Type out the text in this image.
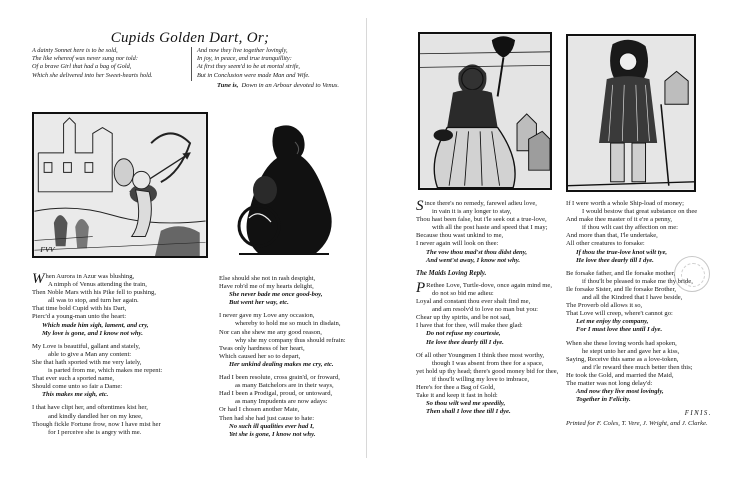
Cupids Golden Dart, Or;
A dainty Sonnet here is to be sold,
The like whereof was never sung nor told:
Of a brave Girl that had a bag of Gold,
Which she delivered into her Sweet-hearts hold.
And now they live together lovingly,
In joy, in peace, and true tranquillity:
At first they seem'd to be at mortal strife,
But in Conclusion were made Man and Wife.
Tune is, Down in an Arbour devoted to Venus.
FVV
W hen Aurora in Azur was blushing,
A nimph of Venus attending the train,
Then Noble Mars with his Pike fell to pushing,
all was to stop, and turn her again.
That time bold Cupid with his Dart,
Pierc'd a young-man unto the heart:
Which made him sigh, lament, and cry,
My love is gone, and I know not why.
My Love is beautiful, gallant and stately,
able to give a Man any content:
She that hath sported with me very lately,
is parted from me, which makes me repent:
That ever such a sported name,
Should come unto so fair a Dame:
This makes me sigh, etc.
I that have clipt her, and oftentimes kist her,
and kindly dandled her on my knee,
Though fickle Fortune frow, now I have mist her
for I perceive she is angry with me.
Else should she not in rash despight,
Have rob'd me of my hearts delight,
She never bade me once good-boy,
But went her way, etc.
I never gave my Love any occasion,
whereby to hold me so much in disdain,
Nor can she shew me any good reason,
why she my company thus should refrain:
Twas only hardness of her heart,
Which caused her so to depart,
Her unkind dealing makes me cry, etc.
Had I been resolute, cross grain'd, or froward,
as many Batchelors are in their ways,
Had I been a Prodigal, proud, or untoward,
as many Impudents are now adays:
Or had I chosen another Mate,
Then had she had just cause to hate:
No such ill qualities ever had I,
Yet she is gone, I know not why.
S ince there's no remedy, farewel adieu love,
in vain it is any longer to stay,
Thou hast been false, but i'le seek out a true-love,
with all the post haste and speed that I may;
Because thou wast unkind to me,
I never again will look on thee:
The vow thou mad'st thou didst deny,
And went'st away, I know not why.
The Maids Loving Reply.
P Rethee Love, Turtle-dove, once again mind me,
do not so bid me adieu:
Loyal and constant thou ever shalt find me,
and am resolv'd to love no man but you:
Chear up thy spirits, and be not sad,
I have that for thee, will make thee glad:
Do not refuse my courtesie,
He love thee dearly till I dye.
Of all other Youngmen I think thee most worthy,
though I was absent from thee for a space,
yet hold up thy head; there's good money bid for thee,
if thou'lt willing my love to imbrace,
Here's for thee a Bag of Gold,
Take it and keep it fast in hold:
So thou wilt wed me speedily,
Then shall I love thee till I dye.
If I were worth a whole Ship-load of money;
I would bestow that great substance on thee
And make thee master of it e're a penny,
if thou wilt cast thy affection on me:
And more than that, I'le undertake,
All other creatures to forsake:
If thou the true-love knot wilt tye,
He love thee dearly till I dye.
Be forsake father, and Ile forsake mother,
if thou'lt be pleased to make me thy bride,
Ile forsake Sister, and Ile forsake Brother,
and all the Kindred that I have beside,
The Proverb old allows it so,
That Love will creep, where't cannot go:
Let me enjoy thy company,
For I must love thee until I dye.
When she these loving words had spoken,
he stept unto her and gave her a kiss,
Saying, Receive this same as a love-token,
and i'le reward thee much better then this;
He took the Gold, and married the Maid,
The matter was not long delay'd:
And now they live most lovingly,
Together in Felicity.
FINIS.
Printed for F. Coles, T. Vere, J. Wright, and J. Clarke.
